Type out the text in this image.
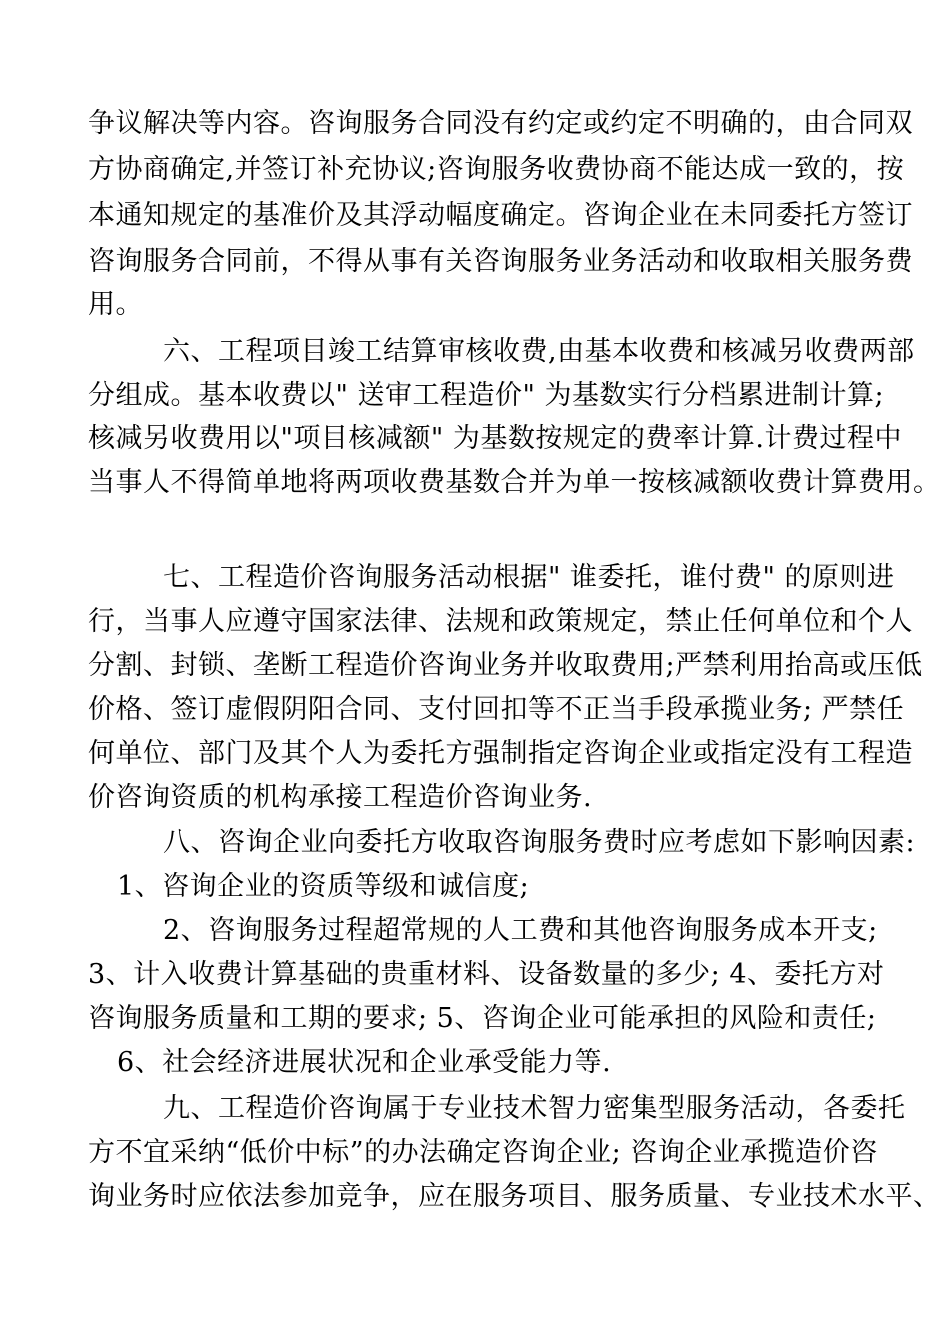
争议解决等内容。咨询服务合同没有约定或约定不明确的，由合同双
方协商确定,并签订补充协议;咨询服务收费协商不能达成一致的，按
本通知规定的基准价及其浮动幅度确定。咨询企业在未同委托方签订
咨询服务合同前，不得从事有关咨询服务业务活动和收取相关服务费
用。
六、工程项目竣工结算审核收费,由基本收费和核减另收费两部
分组成。基本收费以" 送审工程造价" 为基数实行分档累进制计算;
核减另收费用以"项目核减额" 为基数按规定的费率计算.计费过程中
当事人不得简单地将两项收费基数合并为单一按核减额收费计算费用。
七、工程造价咨询服务活动根据" 谁委托，谁付费" 的原则进
行，当事人应遵守国家法律、法规和政策规定，禁止任何单位和个人
分割、封锁、垄断工程造价咨询业务并收取费用;严禁利用抬高或压低
价格、签订虚假阴阳合同、支付回扣等不正当手段承揽业务; 严禁任
何单位、部门及其个人为委托方强制指定咨询企业或指定没有工程造
价咨询资质的机构承接工程造价咨询业务.
八、咨询企业向委托方收取咨询服务费时应考虑如下影响因素:
1、咨询企业的资质等级和诚信度;
2、咨询服务过程超常规的人工费和其他咨询服务成本开支;
3、计入收费计算基础的贵重材料、设备数量的多少; 4、委托方对
咨询服务质量和工期的要求; 5、咨询企业可能承担的风险和责任;
6、社会经济进展状况和企业承受能力等.
九、工程造价咨询属于专业技术智力密集型服务活动，各委托
方不宜采纳“低价中标”的办法确定咨询企业; 咨询企业承揽造价咨
询业务时应依法参加竞争，应在服务项目、服务质量、专业技术水平、
